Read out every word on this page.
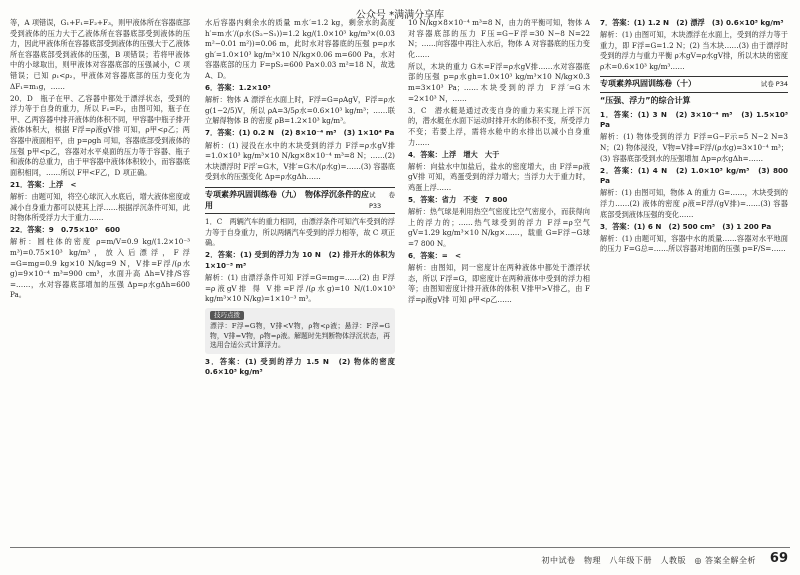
公众号 *满满分享库

等，A 项错误，G₁+F₁=F₂+F₃，则甲液体所在容器底部受到液体的压力大于乙液体所在容器底部受到液体的压力，因此甲液体所在容器底部受到液体的压强大于乙液体所在容器底部受到液体的压强，B 项错误；若将甲液体中的小球取出，则甲液体对容器底部的压强减小，C 项错误；已知 ρ₁<ρ₂，甲液体对容器底部的压力变化为 ΔF₁=m₁g，……

20．D　瓶子在甲、乙容器中都处于漂浮状态，受到的浮力等于自身的重力，所以 F₁=F₂，由图可知，瓶子在甲、乙两容器中排开液体的体积不同，甲容器中瓶子排开液体体积大，根据 F浮=ρ液gV排 可知，ρ甲<ρ乙；两容器中液面相平，由 p=ρgh 可知，容器底部受到液体的压强 p甲<p乙，容器对水平桌面的压力等于容器、瓶子和液体的总重力，由于甲容器中液体体积较小，而容器底面积相同，……所以 F甲<F乙，D 项正确。

21．答案：上浮　<

解析：由题可知，将空心球沉入水底后，增大液体密度或减小自身重力都可以使其上浮……根据浮沉条件可知，此时物体所受浮力大于重力……

22．答案：9　0.75×10³　600

解析：圆柱体的密度 ρ=m/V=0.9 kg/(1.2×10⁻³ m³)=0.75×10³ kg/m³，放入后漂浮，F浮=G=mg=0.9 kg×10 N/kg=9 N，V排=F浮/(ρ水g)=9×10⁻⁴ m³=900 cm³，水面升高 Δh=V排/S容=……，水对容器底部增加的压强 Δp=ρ水gΔh=600 Pa。

水后容器内剩余水的质量 m水′=1.2 kg，剩余水的高度 h′=m水′/(ρ水(S₂−S₁))=1.2 kg/(1.0×10³ kg/m³×(0.03 m²−0.01 m²))=0.06 m，此时水对容器底的压强 p=ρ水gh′=1.0×10³ kg/m³×10 N/kg×0.06 m=600 Pa，水对容器底部的压力 F=pS₂=600 Pa×0.03 m²=18 N，故选 A、D。

6．答案：1.2×10³

解析：物体 A 漂浮在水面上时，F浮=G=ρAgV，F浮=ρ水g(1−2/5)V，所以 ρA=3/5ρ水=0.6×10³ kg/m³；……联立解得物体 B 的密度 ρB=1.2×10³ kg/m³。

7．答案：(1) 0.2 N　(2) 8×10⁻⁴ m³　(3) 1×10⁴ Pa

解析：(1) 浸没在水中的木块受到的浮力 F浮=ρ水gV排=1.0×10³ kg/m³×10 N/kg×8×10⁻⁴ m³=8 N；……(2) 木块漂浮时 F浮′=G木，V排′=G木/(ρ水g)=……(3) 容器底受到水的压强变化 Δp=ρ水gΔh……

专项素养巩固训练卷（九）　物体浮沉条件的应用
试卷 P33

1．C　两辆汽车的重力相同，由漂浮条件可知汽车受到的浮力等于自身重力，所以两辆汽车受到的浮力相等，故 C 项正确。

2．答案：(1) 受到的浮力为 10 N　(2) 排开水的体积为 1×10⁻³ m³

解析：(1) 由漂浮条件可知 F浮=G=mg=……(2) 由 F浮=ρ液gV排 得 V排=F浮/(ρ水g)=10 N/(1.0×10³ kg/m³×10 N/kg)=1×10⁻³ m³。

技巧点拨
漂浮：F浮=G物，V排<V物，ρ物<ρ液；悬浮：F浮=G物，V排=V物，ρ物=ρ液。解题时先判断物体浮沉状态，再选用合适公式计算浮力。

3．答案：(1) 受到的浮力 1.5 N　(2) 物体的密度 0.6×10³ kg/m³

10 N/kg×8×10⁻⁴ m³=8 N，由力的平衡可知，物体 A 对容器底部的压力 F压=G−F浮=30 N−8 N=22 N；……向容器中再注入水后，物体 A 对容器底的压力变化……

所以，木块的重力 G木=F浮=ρ水gV排……水对容器底部的压强 p=ρ水gh=1.0×10³ kg/m³×10 N/kg×0.3 m=3×10³ Pa；……木块受到的浮力 F浮′=G木=2×10³ N，……

3．C　潜水艇是通过改变自身的重力来实现上浮下沉的，潜水艇在水面下运动时排开水的体积不变，所受浮力不变；若要上浮，需将水舱中的水排出以减小自身重力……

4．答案：上浮　增大　大于

解析：向盐水中加盐后，盐水的密度增大，由 F浮=ρ液gV排 可知，鸡蛋受到的浮力增大；当浮力大于重力时，鸡蛋上浮……

5．答案：省力　不变　7 800

解析：热气球是利用热空气密度比空气密度小，而获得向上的浮力的；……热气球受到的浮力 F浮=ρ空气gV=1.29 kg/m³×10 N/kg×……，载重 G=F浮−G球=7 800 N。

6．答案：=　<

解析：由图知，同一密度计在两种液体中都处于漂浮状态，所以 F浮=G，即密度计在两种液体中受到的浮力相等；由图知密度计排开液体的体积 V排甲>V排乙，由 F浮=ρ液gV排 可知 ρ甲<ρ乙……

7．答案：(1) 1.2 N　(2) 漂浮　(3) 0.6×10³ kg/m³

解析：(1) 由图可知，木块漂浮在水面上，受到的浮力等于重力，即 F浮=G=1.2 N；(2) 当木块……(3) 由于漂浮时受到的浮力与重力平衡 ρ木gV=ρ水gV排，所以木块的密度 ρ木=0.6×10³ kg/m³……

专项素养巩固训练卷（十）	试卷 P34
“压强、浮力”的综合计算

1．答案：(1) 3 N　(2) 3×10⁻⁴ m³　(3) 1.5×10³ Pa

解析：(1) 物体受到的浮力 F浮=G−F示=5 N−2 N=3 N；(2) 物体浸没，V物=V排=F浮/(ρ水g)=3×10⁻⁴ m³；(3) 容器底部受到水的压强增加 Δp=ρ水gΔh=……

2．答案：(1) 4 N　(2) 1.0×10³ kg/m³　(3) 800 Pa

解析：(1) 由图可知，物体 A 的重力 G=……，木块受到的浮力……(2) 液体的密度 ρ液=F浮/(gV排)=……(3) 容器底部受到液体压强的变化……

3．答案：(1) 6 N　(2) 500 cm³　(3) 1 200 Pa

解析：(1) 由题可知，容器中水的质量……容器对水平地面的压力 F=G总=……所以容器对地面的压强 p=F/S=……

初中试卷　物理　八年级下册　人教版　◎ 答案全解全析 69
